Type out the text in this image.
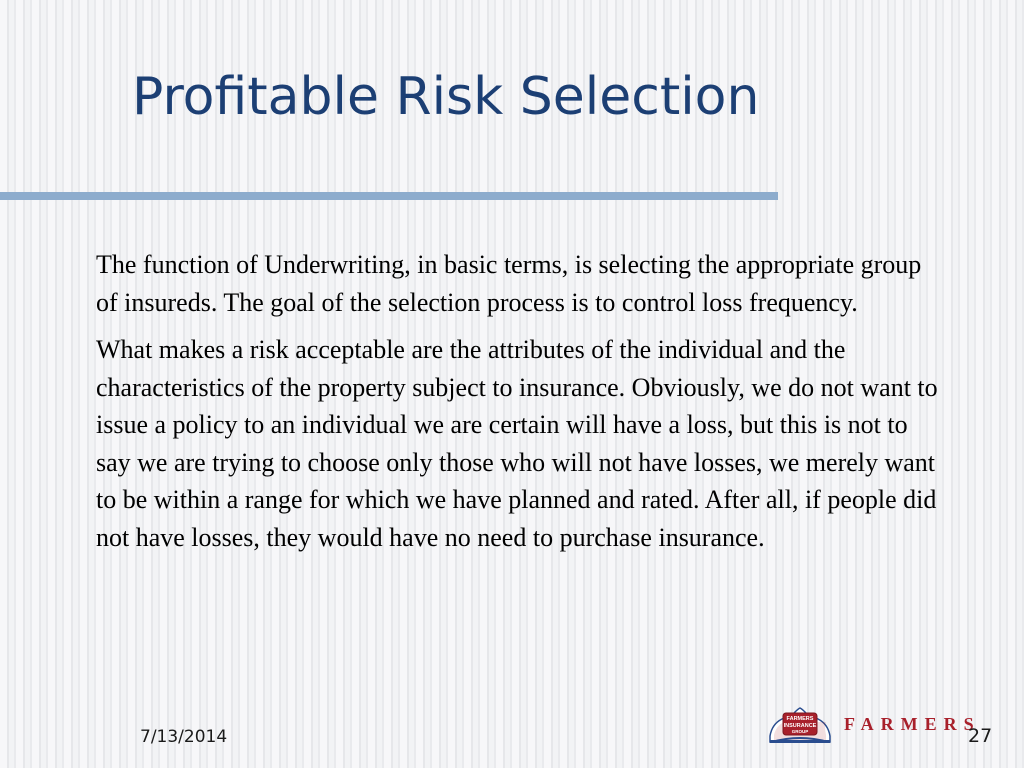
Profitable Risk Selection

The function of Underwriting, in basic terms, is selecting the appropriate group of insureds. The goal of the selection process is to control loss frequency.

What makes a risk acceptable are the attributes of the individual and the characteristics of the property subject to insurance. Obviously, we do not want to issue a policy to an individual we are certain will have a loss, but this is not to say we are trying to choose only those who will not have losses, we merely want to be within a range for which we have planned and rated. After all, if people did not have losses, they would have no need to purchase insurance.

7/13/2014
FARMERS
INSURANCE
GROUP FARMERS
27
